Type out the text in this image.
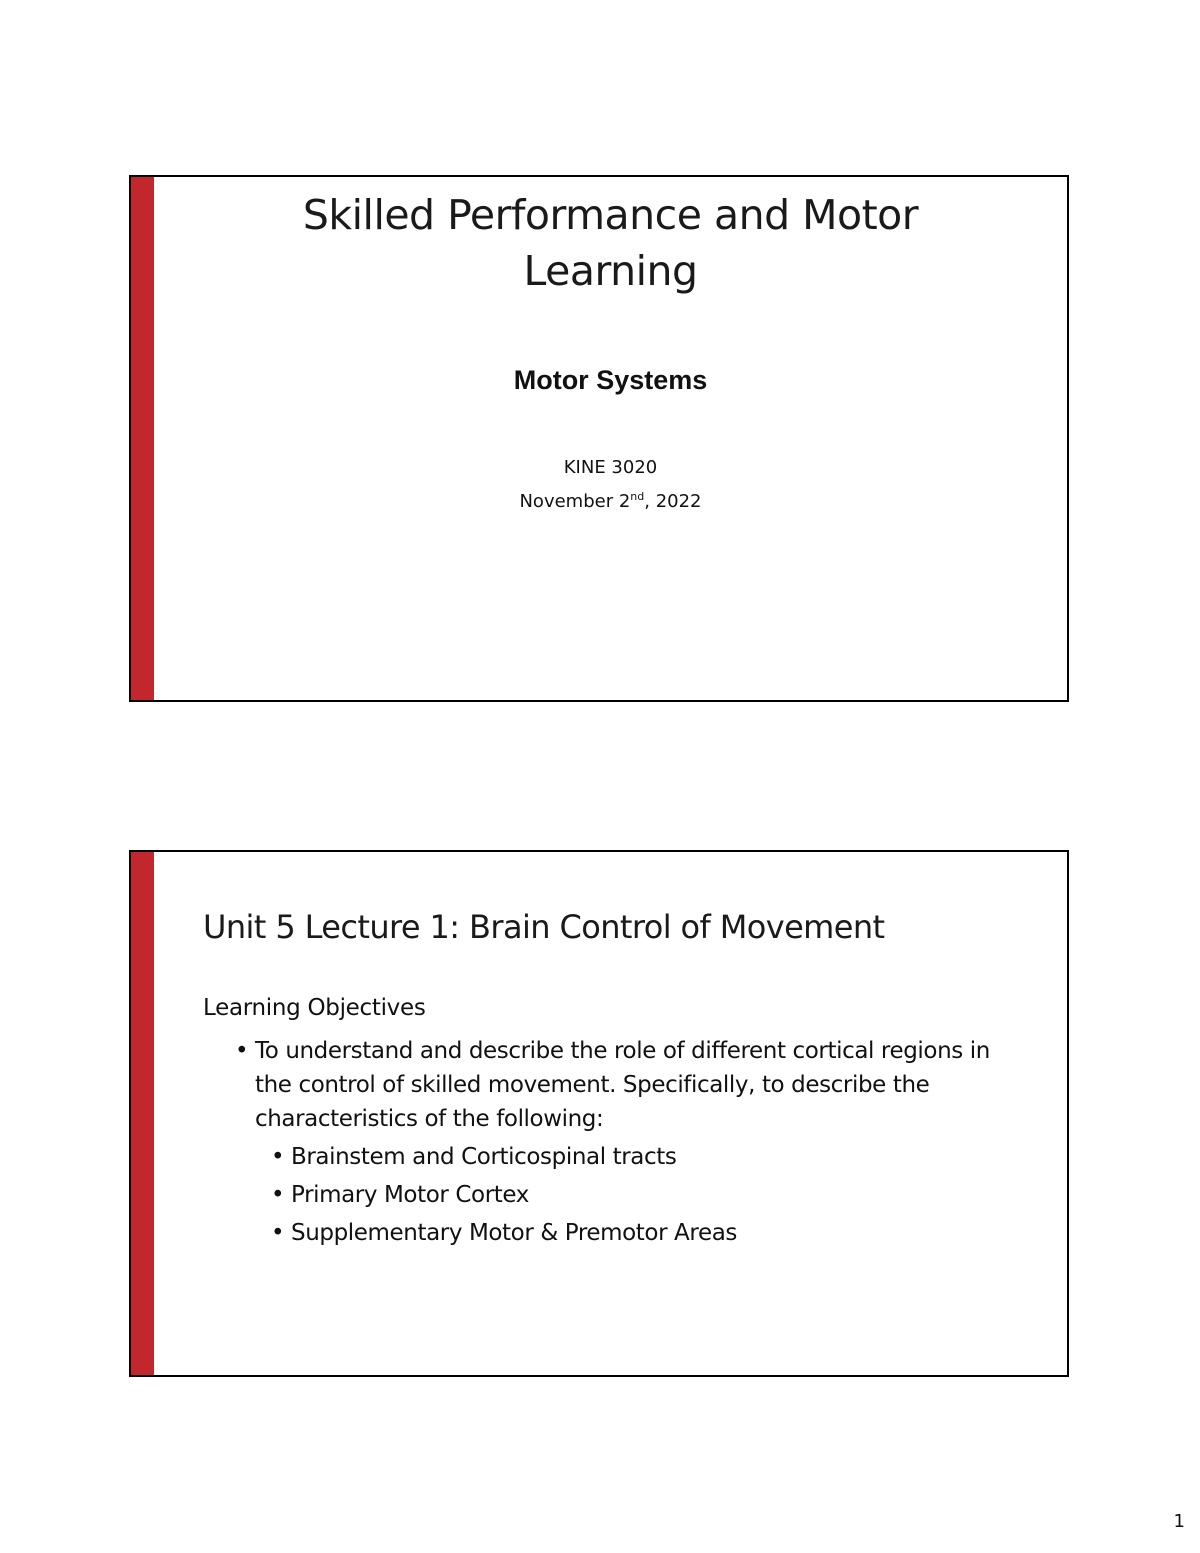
Skilled Performance and Motor
Learning
Motor Systems
KINE 3020
November 2nd, 2022
Unit 5 Lecture 1: Brain Control of Movement
Learning Objectives
• To understand and describe the role of different cortical regions in the control of skilled movement. Specifically, to describe the characteristics of the following:
• Brainstem and Corticospinal tracts
• Primary Motor Cortex
• Supplementary Motor & Premotor Areas
1
